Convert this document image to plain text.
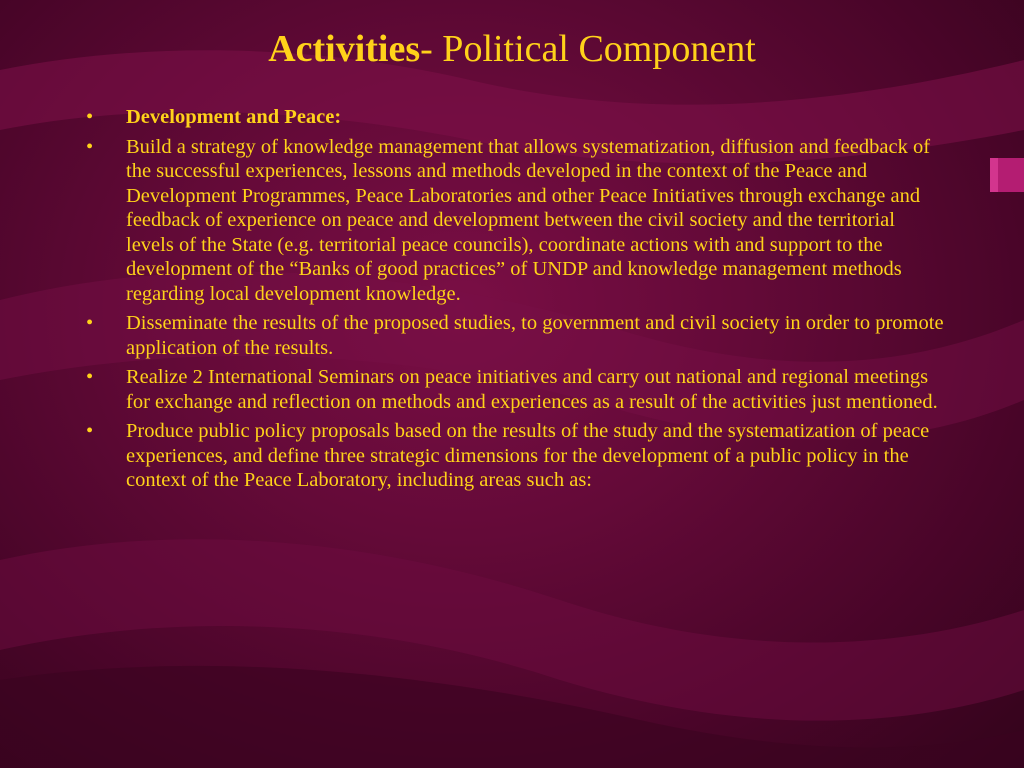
Activities- Political Component
•	Development and Peace:
•	Build a strategy of knowledge management that allows systematization, diffusion and feedback of the successful experiences, lessons and methods developed in the context of the Peace and Development Programmes, Peace Laboratories and other Peace Initiatives through exchange and feedback of experience on peace and development between the civil society and the territorial levels of the State (e.g. territorial peace councils), coordinate actions with and support to the development of the “Banks of good practices” of UNDP and knowledge management methods regarding local development knowledge.
•	Disseminate the results of the proposed studies, to government and civil society in order to promote application of the results.
•	Realize 2 International Seminars on peace initiatives and carry out national and regional meetings for exchange and reflection on methods and experiences as a result of the activities just mentioned.
•	Produce public policy proposals based on the results of the study and the systematization of peace experiences, and define three strategic dimensions for the development of a public policy in the context of the Peace Laboratory, including areas such as:
